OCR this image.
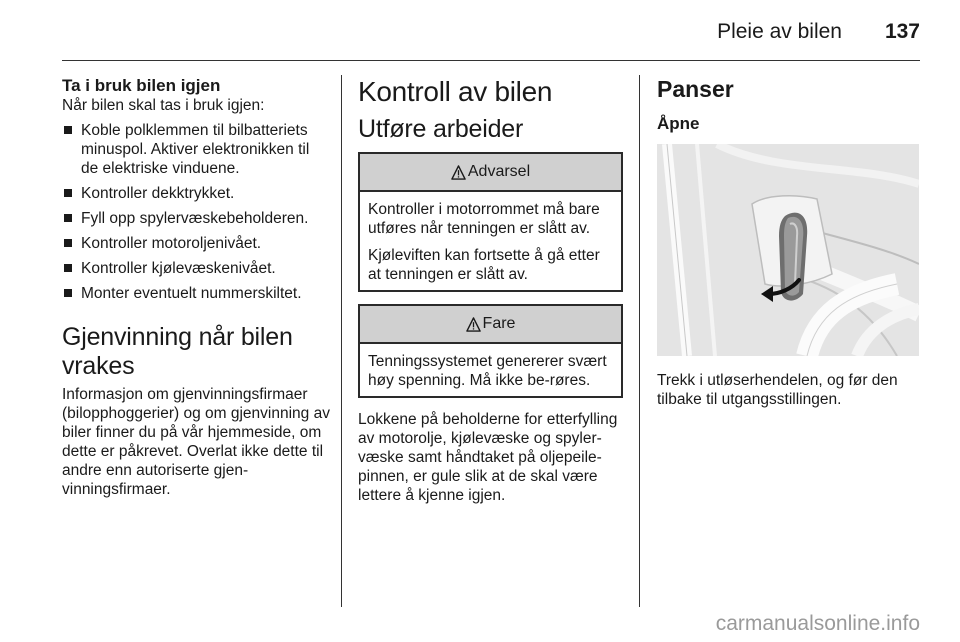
Pleie av bilen 137
Ta i bruk bilen igjen

Når bilen skal tas i bruk igjen:

Koble polklemmen til bilbatteriets minuspol. Aktiver elektronikken til de elektriske vinduene.
Kontroller dekktrykket.
Fyll opp spylervæskebeholderen.
Kontroller motoroljenivået.
Kontroller kjølevæskenivået.
Monter eventuelt nummerskiltet.
Gjenvinning når bilen vrakes

Informasjon om gjenvinningsfirmaer (bilopphoggerier) og om gjenvinning av biler finner du på vår hjemmeside, om dette er påkrevet. Overlat ikke dette til andre enn autoriserte gjen-vinningsfirmaer.

Kontroll av bilen
Utføre arbeider
Advarsel

Kontroller i motorrommet må bare utføres når tenningen er slått av.

Kjøleviften kan fortsette å gå etter at tenningen er slått av.

Fare

Tenningssystemet genererer svært høy spenning. Må ikke be-røres.

Lokkene på beholderne for etterfylling av motorolje, kjølevæske og spyler-væske samt håndtaket på oljepeile-pinnen, er gule slik at de skal være lettere å kjenne igjen.

Panser
Åpne

Trekk i utløserhendelen, og før den tilbake til utgangsstillingen.

carmanualsonline.info
